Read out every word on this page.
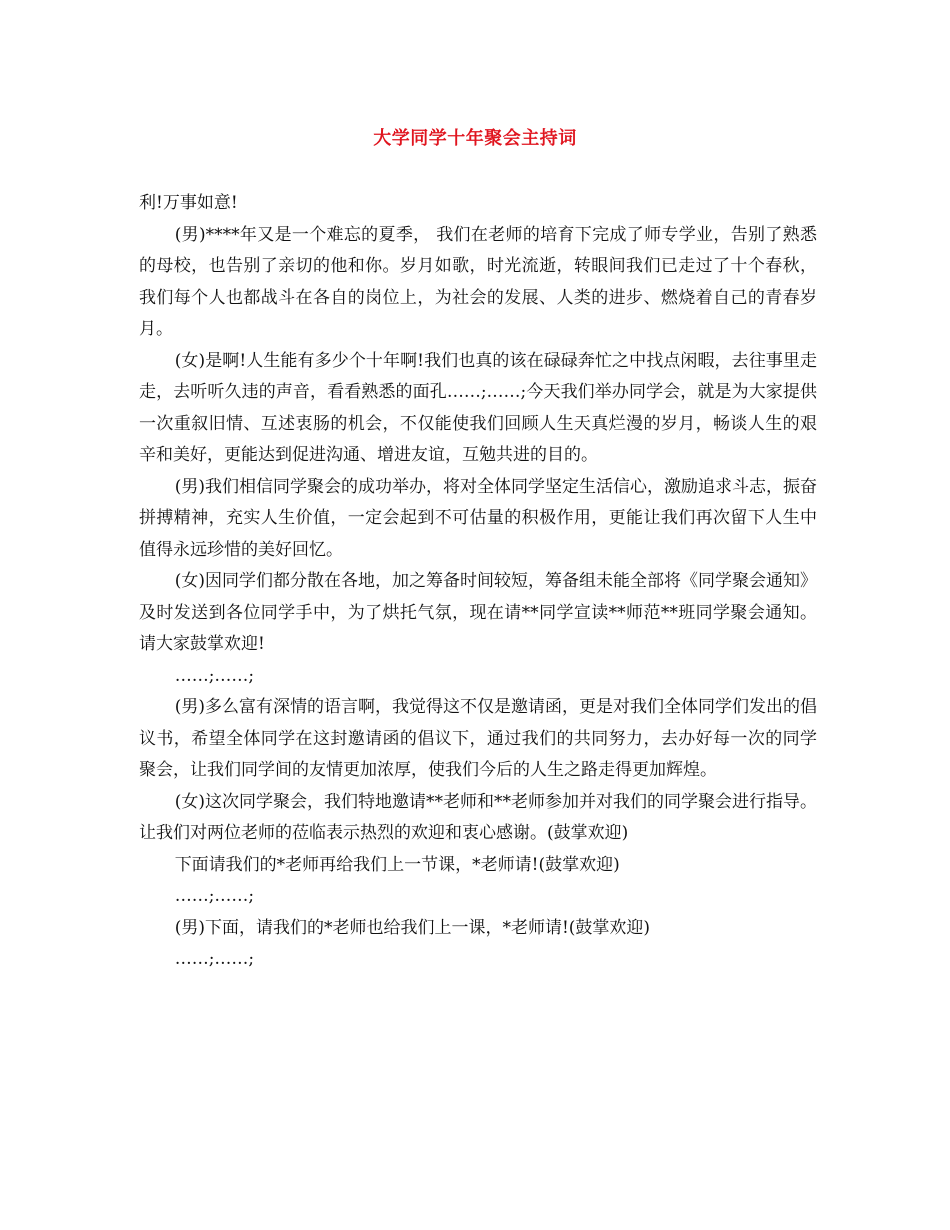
大学同学十年聚会主持词

利!万事如意!

(男)****年又是一个难忘的夏季， 我们在老师的培育下完成了师专学业，告别了熟悉的母校，也告别了亲切的他和你。岁月如歌，时光流逝，转眼间我们已走过了十个春秋，我们每个人也都战斗在各自的岗位上，为社会的发展、人类的进步、燃烧着自己的青春岁月。

(女)是啊!人生能有多少个十年啊!我们也真的该在碌碌奔忙之中找点闲暇，去往事里走走，去听听久违的声音，看看熟悉的面孔……;……;今天我们举办同学会，就是为大家提供一次重叙旧情、互述衷肠的机会，不仅能使我们回顾人生天真烂漫的岁月，畅谈人生的艰辛和美好，更能达到促进沟通、增进友谊，互勉共进的目的。

(男)我们相信同学聚会的成功举办，将对全体同学坚定生活信心，激励追求斗志，振奋拼搏精神，充实人生价值，一定会起到不可估量的积极作用，更能让我们再次留下人生中值得永远珍惜的美好回忆。

(女)因同学们都分散在各地，加之筹备时间较短，筹备组未能全部将《同学聚会通知》及时发送到各位同学手中，为了烘托气氛，现在请**同学宣读**师范**班同学聚会通知。请大家鼓掌欢迎!

……;……;

(男)多么富有深情的语言啊，我觉得这不仅是邀请函，更是对我们全体同学们发出的倡议书，希望全体同学在这封邀请函的倡议下，通过我们的共同努力，去办好每一次的同学聚会，让我们同学间的友情更加浓厚，使我们今后的人生之路走得更加辉煌。

(女)这次同学聚会，我们特地邀请**老师和**老师参加并对我们的同学聚会进行指导。让我们对两位老师的莅临表示热烈的欢迎和衷心感谢。(鼓掌欢迎)

下面请我们的*老师再给我们上一节课，*老师请!(鼓掌欢迎)

……;……;

(男)下面，请我们的*老师也给我们上一课，*老师请!(鼓掌欢迎)

……;……;
